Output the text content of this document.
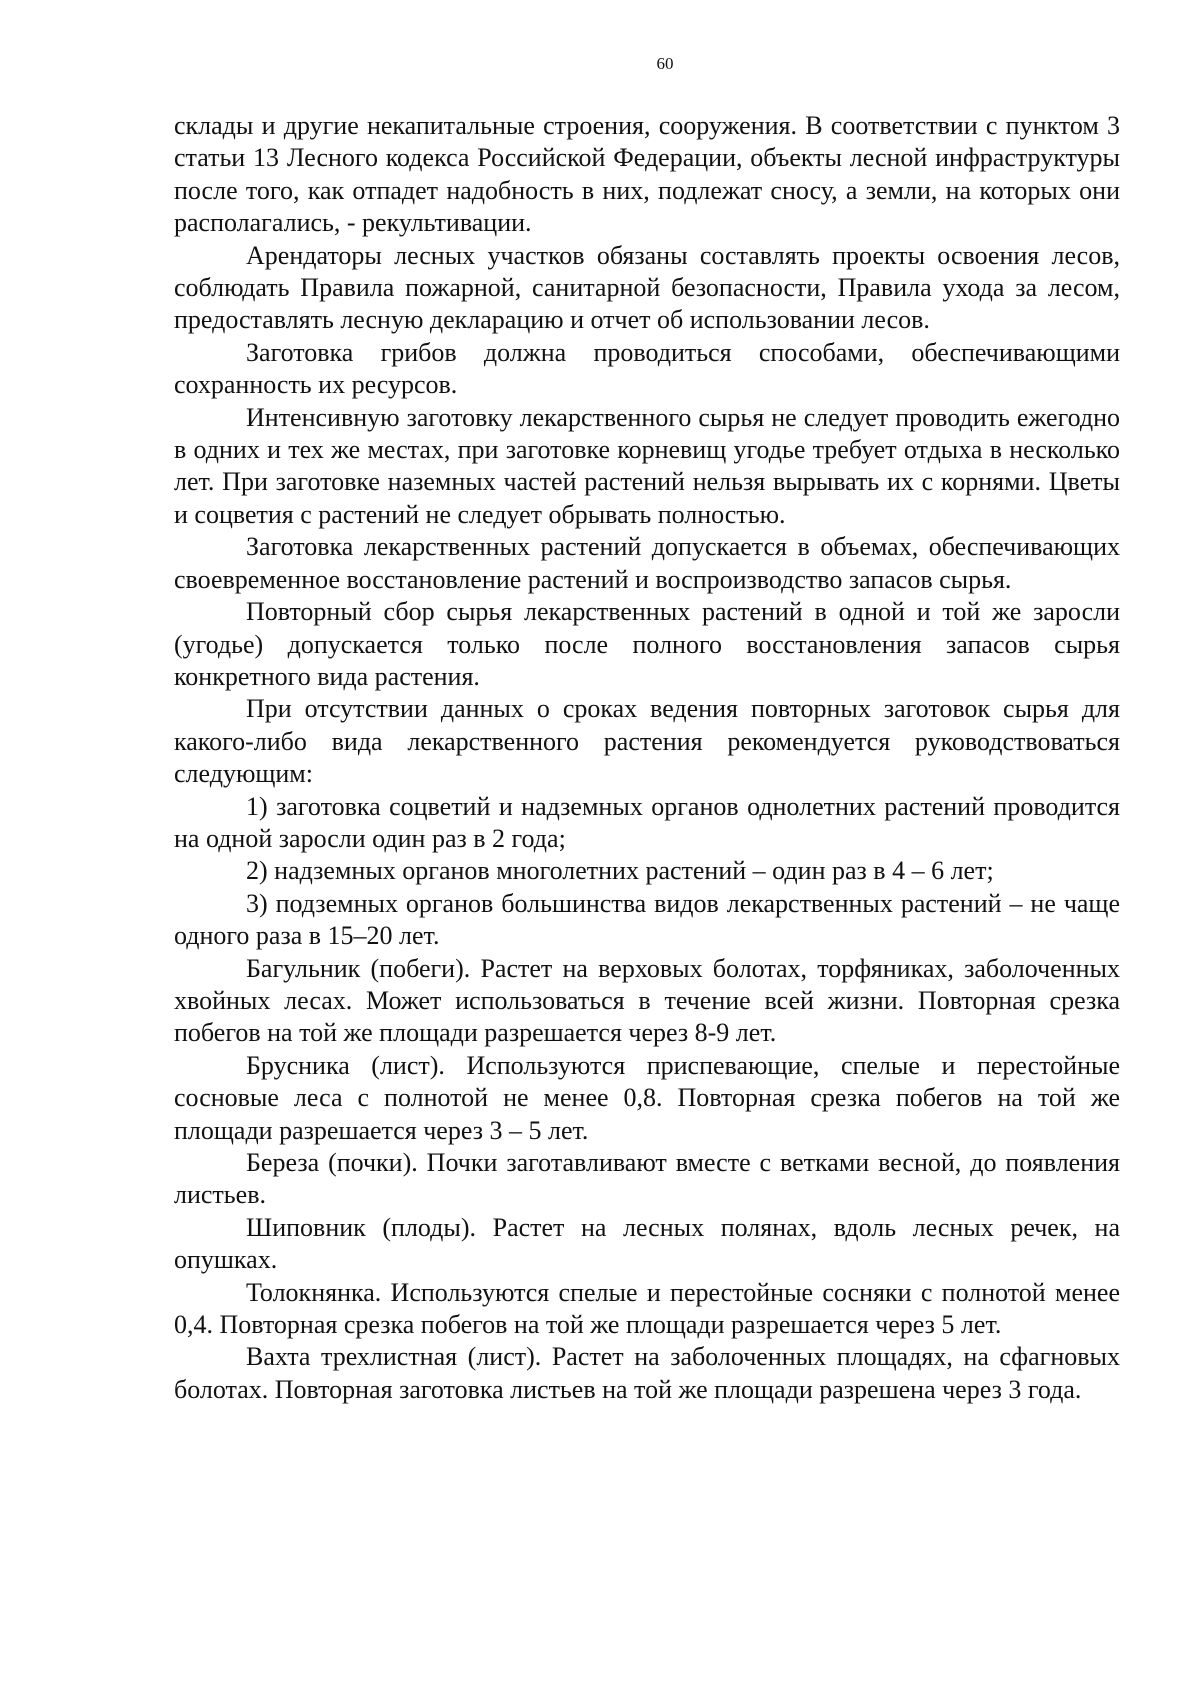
60

склады и другие некапитальные строения, сооружения. В соответствии с пунктом 3 статьи 13 Лесного кодекса Российской Федерации, объекты лесной инфраструктуры после того, как отпадет надобность в них, подлежат сносу, а земли, на которых они располагались, - рекультивации.

Арендаторы лесных участков обязаны составлять проекты освоения лесов, соблюдать Правила пожарной, санитарной безопасности, Правила ухода за лесом, предоставлять лесную декларацию и отчет об использовании лесов.

Заготовка грибов должна проводиться способами, обеспечивающими сохранность их ресурсов.

Интенсивную заготовку лекарственного сырья не следует проводить ежегодно в одних и тех же местах, при заготовке корневищ угодье требует отдыха в несколько лет. При заготовке наземных частей растений нельзя вырывать их с корнями. Цветы и соцветия с растений не следует обрывать полностью.

Заготовка лекарственных растений допускается в объемах, обеспечивающих своевременное восстановление растений и воспроизводство запасов сырья.

Повторный сбор сырья лекарственных растений в одной и той же заросли (угодье) допускается только после полного восстановления запасов сырья конкретного вида растения.

При отсутствии данных о сроках ведения повторных заготовок сырья для какого-либо вида лекарственного растения рекомендуется руководствоваться следующим:

1) заготовка соцветий и надземных органов однолетних растений проводится на одной заросли один раз в 2 года;

2) надземных органов многолетних растений – один раз в 4 – 6 лет;

3) подземных органов большинства видов лекарственных растений – не чаще одного раза в 15–20 лет.

Багульник (побеги). Растет на верховых болотах, торфяниках, заболоченных хвойных лесах. Может использоваться в течение всей жизни. Повторная срезка побегов на той же площади разрешается через 8-9 лет.

Брусника (лист). Используются приспевающие, спелые и перестойные сосновые леса с полнотой не менее 0,8. Повторная срезка побегов на той же площади разрешается через 3 – 5 лет.

Береза (почки). Почки заготавливают вместе с ветками весной, до появления листьев.

Шиповник (плоды). Растет на лесных полянах, вдоль лесных речек, на опушках.

Толокнянка. Используются спелые и перестойные сосняки с полнотой менее 0,4. Повторная срезка побегов на той же площади разрешается через 5 лет.

Вахта трехлистная (лист). Растет на заболоченных площадях, на сфагновых болотах. Повторная заготовка листьев на той же площади разрешена через 3 года.
